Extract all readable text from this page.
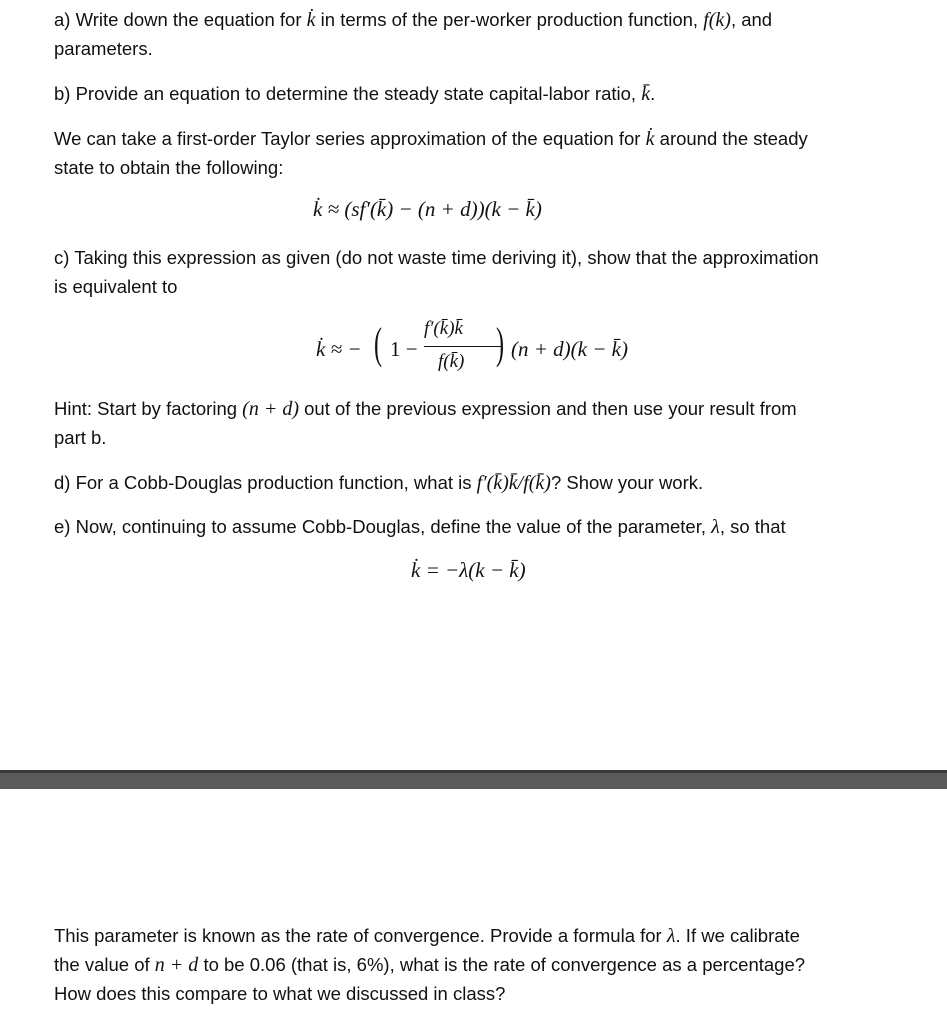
a) Write down the equation for k̇ in terms of the per-worker production function, f(k), and
parameters.
b) Provide an equation to determine the steady state capital-labor ratio, k̄.
We can take a first-order Taylor series approximation of the equation for k̇ around the steady
state to obtain the following:
k̇ ≈ (sf′(k̄) − (n + d))(k − k̄)
c) Taking this expression as given (do not waste time deriving it), show that the approximation
is equivalent to
k̇ ≈ − ( 1 −
f′(k̄)k̄
f(k̄) ) (n + d)(k − k̄)
Hint: Start by factoring (n + d) out of the previous expression and then use your result from
part b.
d) For a Cobb-Douglas production function, what is f′(k̄)k̄/f(k̄)? Show your work.
e) Now, continuing to assume Cobb-Douglas, define the value of the parameter, λ, so that
k̇ = −λ(k − k̄)
This parameter is known as the rate of convergence. Provide a formula for λ. If we calibrate
the value of n + d to be 0.06 (that is, 6%), what is the rate of convergence as a percentage?
How does this compare to what we discussed in class?
